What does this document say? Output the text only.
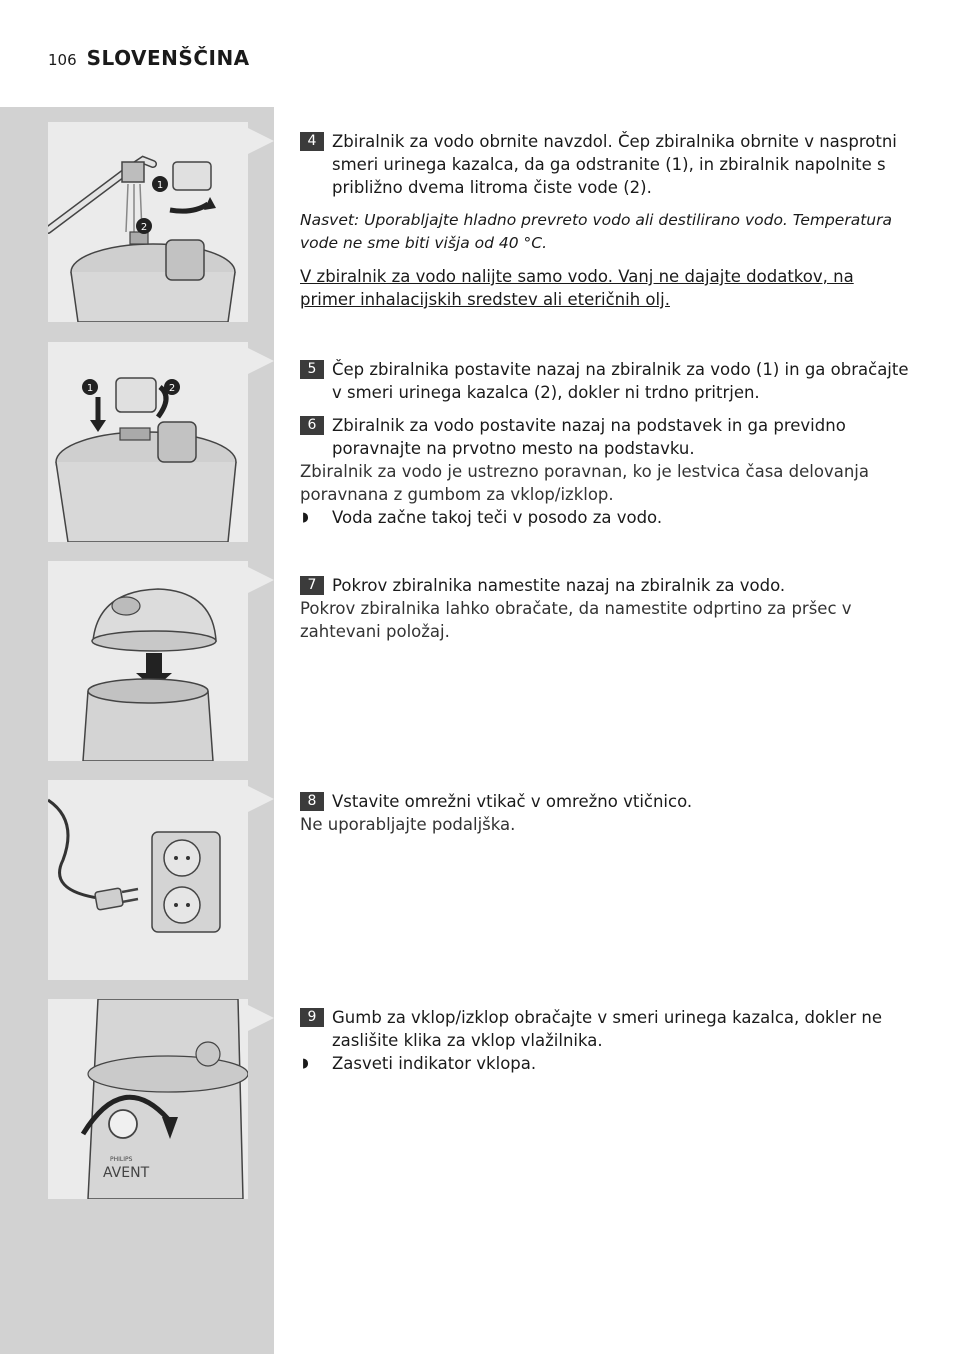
106 SLOVENŠČINA
1
2
1	2
PHILIPS
AVENT
4 Zbiralnik za vodo obrnite navzdol. Čep zbiralnika obrnite v nasprotni smeri urinega kazalca, da ga odstranite (1), in zbiralnik napolnite s približno dvema litroma čiste vode (2).
Nasvet: Uporabljajte hladno prevreto vodo ali destilirano vodo. Temperatura vode ne sme biti višja od 40 °C.
V zbiralnik za vodo nalijte samo vodo. Vanj ne dajajte dodatkov, na primer inhalacijskih sredstev ali eteričnih olj.
5 Čep zbiralnika postavite nazaj na zbiralnik za vodo (1) in ga obračajte v smeri urinega kazalca (2), dokler ni trdno pritrjen.
6 Zbiralnik za vodo postavite nazaj na podstavek in ga previdno poravnajte na prvotno mesto na podstavku.
Zbiralnik za vodo je ustrezno poravnan, ko je lestvica časa delovanja poravnana z gumbom za vklop/izklop.
◗ Voda začne takoj teči v posodo za vodo.
7 Pokrov zbiralnika namestite nazaj na zbiralnik za vodo.
Pokrov zbiralnika lahko obračate, da namestite odprtino za pršec v zahtevani položaj.
8 Vstavite omrežni vtikač v omrežno vtičnico.
Ne uporabljajte podaljška.
9 Gumb za vklop/izklop obračajte v smeri urinega kazalca, dokler ne zaslišite klika za vklop vlažilnika.
◗ Zasveti indikator vklopa.
